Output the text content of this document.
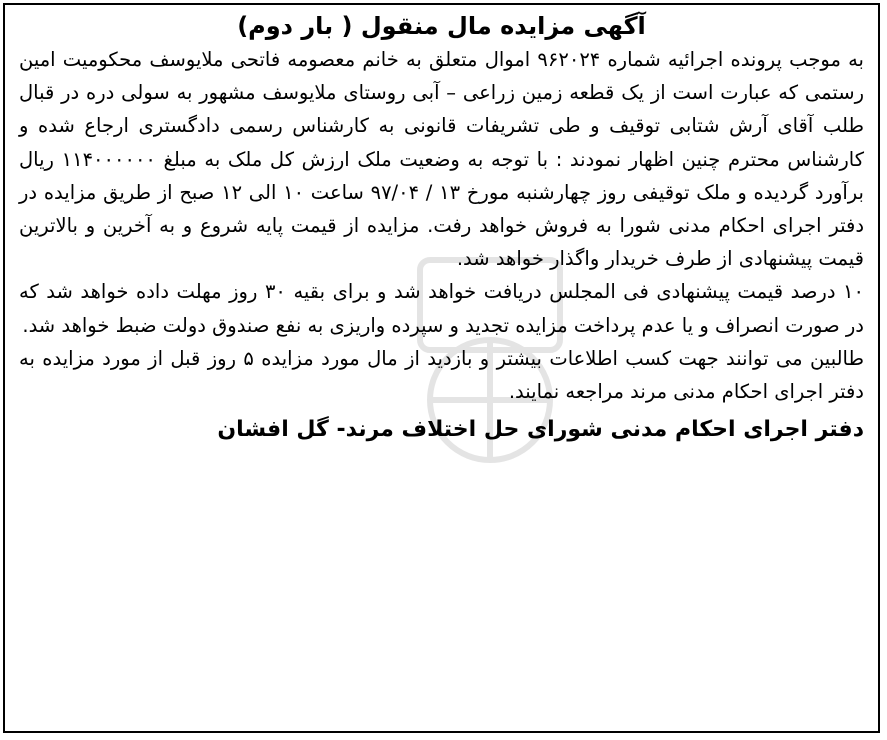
آگهی مزایده مال منقول ( بار دوم)

به موجب پرونده اجرائیه شماره ۹۶۲۰۲۴ اموال متعلق به خانم معصومه فاتحی ملایوسف محکومیت امین رستمی که عبارت است از یک قطعه زمین زراعی – آبی روستای ملایوسف مشهور به سولی دره در قبال طلب آقای آرش شتابی توقیف و طی تشریفات قانونی به کارشناس رسمی دادگستری ارجاع شده و کارشناس محترم چنین اظهار نمودند : با توجه به وضعیت ملک ارزش کل ملک به مبلغ ۱۱۴۰۰۰۰۰۰ ریال برآورد گردیده و ملک توقیفی روز چهارشنبه مورخ ۱۳ / ۹۷/۰۴ ساعت ۱۰ الی ۱۲ صبح از طریق مزایده در دفتر اجرای احکام مدنی شورا به فروش خواهد رفت. مزایده از قیمت پایه شروع و به آخرین و بالاترین قیمت پیشنهادی از طرف خریدار واگذار خواهد شد.

۱۰ درصد قیمت پیشنهادی فی المجلس دریافت خواهد شد و برای بقیه ۳۰ روز مهلت داده خواهد شد که در صورت انصراف و یا عدم پرداخت مزایده تجدید و سپرده واریزی به نفع صندوق دولت ضبط خواهد شد.

طالبین می توانند جهت کسب اطلاعات بیشتر و بازدید از مال مورد مزایده ۵ روز قبل از مورد مزایده به دفتر اجرای احکام مدنی مرند مراجعه نمایند.

دفتر اجرای احکام مدنی شورای حل اختلاف مرند- گل افشان
